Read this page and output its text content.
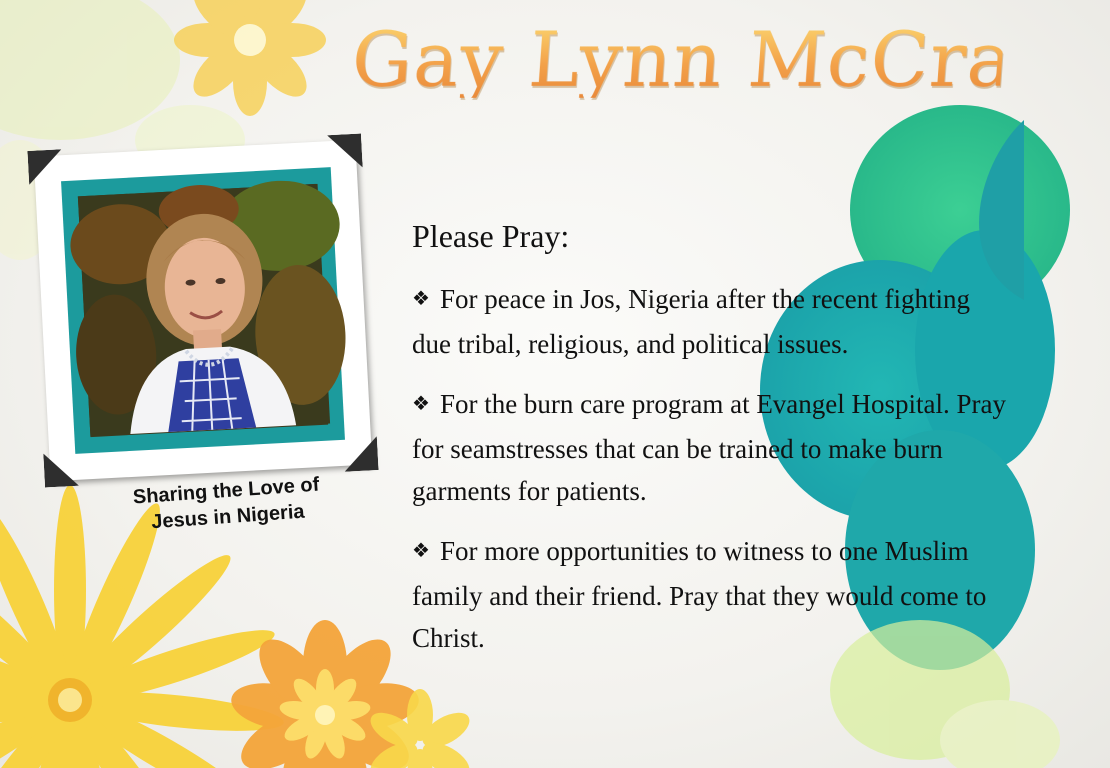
Gay Lynn McCrady
Sharing the Love of
Jesus in Nigeria
Please Pray:
❖ For peace in Jos, Nigeria after the recent fighting due tribal, religious, and political issues.
❖ For the burn care program at Evangel Hospital. Pray for seamstresses that can be trained to make burn garments for patients.
❖ For more opportunities to witness to one Muslim family and their friend. Pray that they would come to Christ.
